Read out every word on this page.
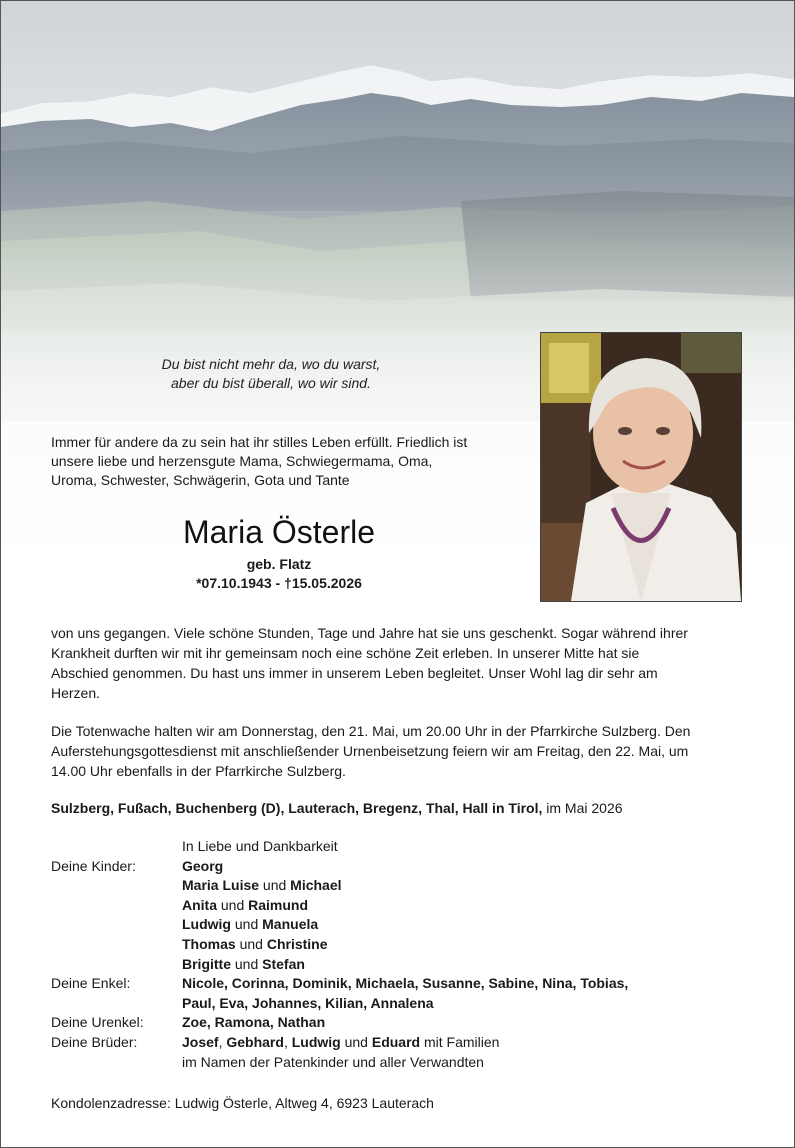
Du bist nicht mehr da, wo du warst,
aber du bist überall, wo wir sind.
Immer für andere da zu sein hat ihr stilles Leben erfüllt. Friedlich ist
unsere liebe und herzensgute Mama, Schwiegermama, Oma,
Uroma, Schwester, Schwägerin, Gota und Tante
Maria Österle
geb. Flatz
*07.10.1943 - †15.05.2026
von uns gegangen. Viele schöne Stunden, Tage und Jahre hat sie uns geschenkt. Sogar während ihrer
Krankheit durften wir mit ihr gemeinsam noch eine schöne Zeit erleben. In unserer Mitte hat sie
Abschied genommen. Du hast uns immer in unserem Leben begleitet. Unser Wohl lag dir sehr am
Herzen.
Die Totenwache halten wir am Donnerstag, den 21. Mai, um 20.00 Uhr in der Pfarrkirche Sulzberg. Den
Auferstehungsgottesdienst mit anschließender Urnenbeisetzung feiern wir am Freitag, den 22. Mai, um
14.00 Uhr ebenfalls in der Pfarrkirche Sulzberg.
Sulzberg, Fußach, Buchenberg (D), Lauterach, Bregenz, Thal, Hall in Tirol, im Mai 2026
In Liebe und Dankbarkeit
Deine Kinder:	Georg
Maria Luise und Michael
Anita und Raimund
Ludwig und Manuela
Thomas und Christine
Brigitte und Stefan
Deine Enkel:	Nicole, Corinna, Dominik, Michaela, Susanne, Sabine, Nina, Tobias,
Paul, Eva, Johannes, Kilian, Annalena
Deine Urenkel:	Zoe, Ramona, Nathan
Deine Brüder:	Josef, Gebhard, Ludwig und Eduard mit Familien
im Namen der Patenkinder und aller Verwandten
Kondolenzadresse: Ludwig Österle, Altweg 4, 6923 Lauterach
